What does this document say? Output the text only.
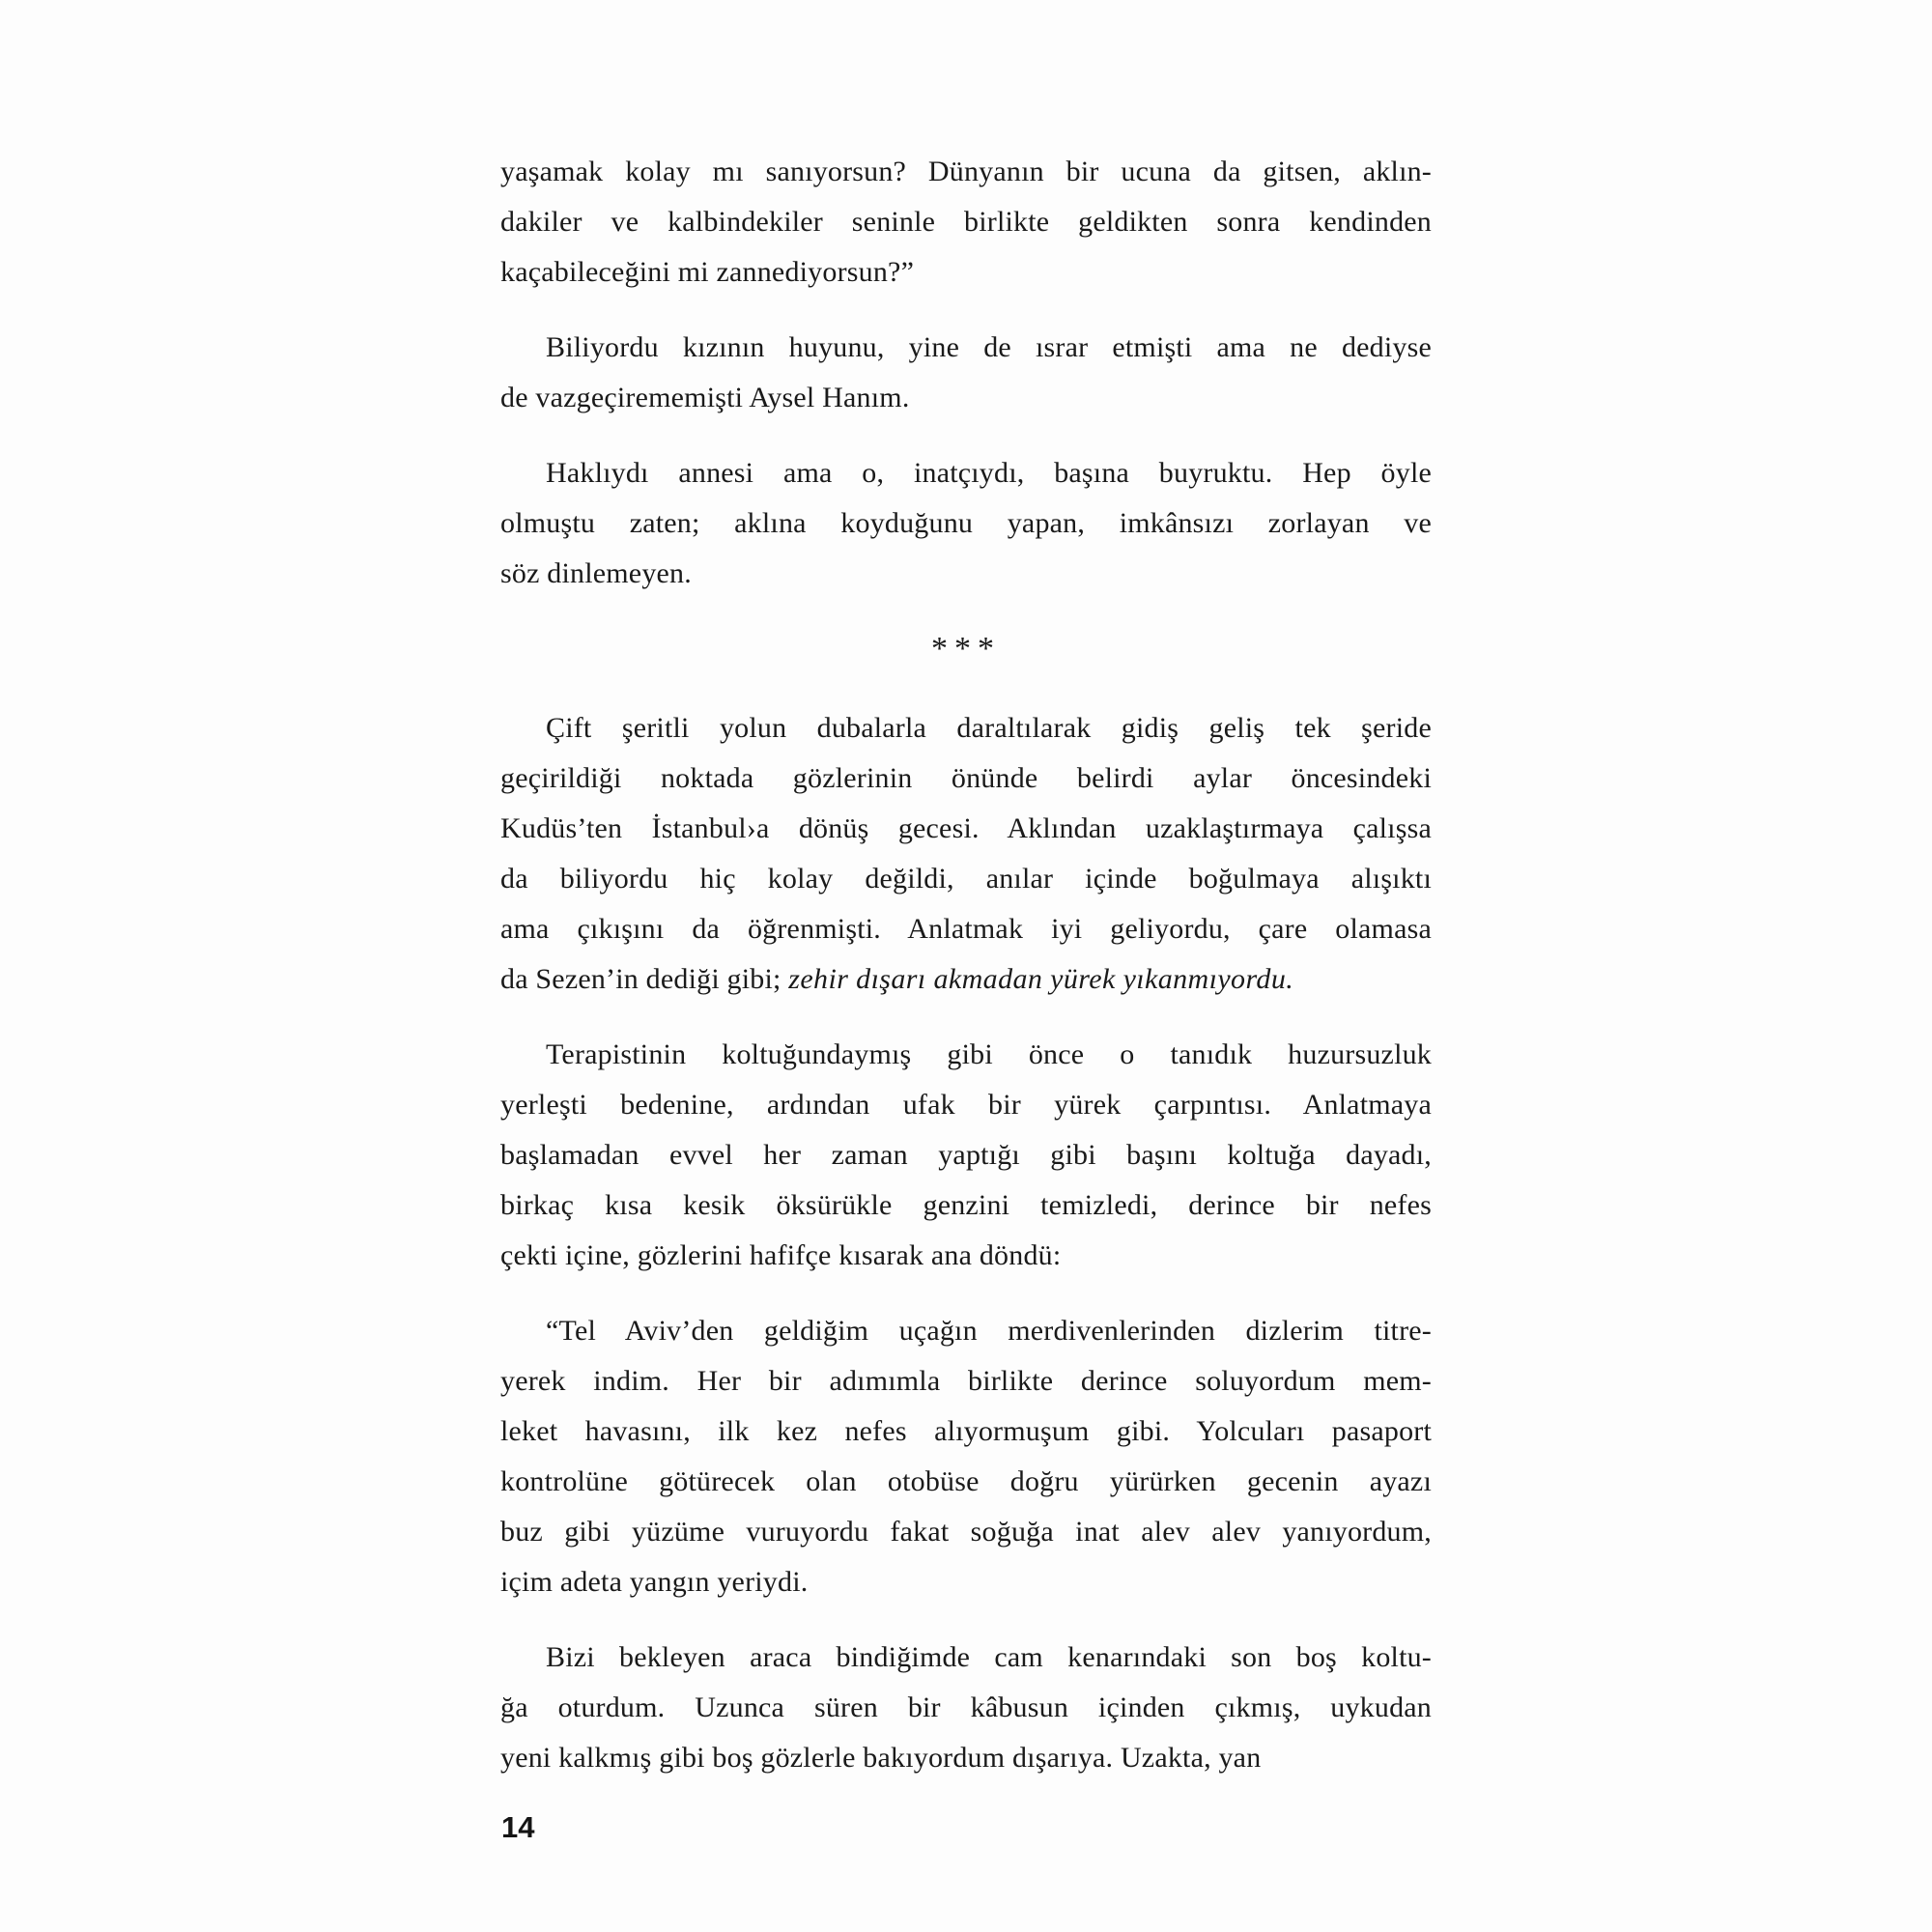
yaşamak kolay mı sanıyorsun? Dünyanın bir ucuna da gitsen, aklın-
dakiler ve kalbindekiler seninle birlikte geldikten sonra kendinden
kaçabileceğini mi zannediyorsun?”
Biliyordu kızının huyunu, yine de ısrar etmişti ama ne dediyse
de vazgeçirememişti Aysel Hanım.
Haklıydı annesi ama o, inatçıydı, başına buyruktu. Hep öyle
olmuştu zaten; aklına koyduğunu yapan, imkânsızı zorlayan ve
söz dinlemeyen.
***
Çift şeritli yolun dubalarla daraltılarak gidiş geliş tek şeride
geçirildiği noktada gözlerinin önünde belirdi aylar öncesindeki
Kudüs’ten İstanbul›a dönüş gecesi. Aklından uzaklaştırmaya çalışsa
da biliyordu hiç kolay değildi, anılar içinde boğulmaya alışıktı
ama çıkışını da öğrenmişti. Anlatmak iyi geliyordu, çare olamasa
da Sezen’in dediği gibi; zehir dışarı akmadan yürek yıkanmıyordu.
Terapistinin koltuğundaymış gibi önce o tanıdık huzursuzluk
yerleşti bedenine, ardından ufak bir yürek çarpıntısı. Anlatmaya
başlamadan evvel her zaman yaptığı gibi başını koltuğa dayadı,
birkaç kısa kesik öksürükle genzini temizledi, derince bir nefes
çekti içine, gözlerini hafifçe kısarak ana döndü:
“Tel Aviv’den geldiğim uçağın merdivenlerinden dizlerim titre-
yerek indim. Her bir adımımla birlikte derince soluyordum mem-
leket havasını, ilk kez nefes alıyormuşum gibi. Yolcuları pasaport
kontrolüne götürecek olan otobüse doğru yürürken gecenin ayazı
buz gibi yüzüme vuruyordu fakat soğuğa inat alev alev yanıyordum,
içim adeta yangın yeriydi.
Bizi bekleyen araca bindiğimde cam kenarındaki son boş koltu-
ğa oturdum. Uzunca süren bir kâbusun içinden çıkmış, uykudan
yeni kalkmış gibi boş gözlerle bakıyordum dışarıya. Uzakta, yan
14
